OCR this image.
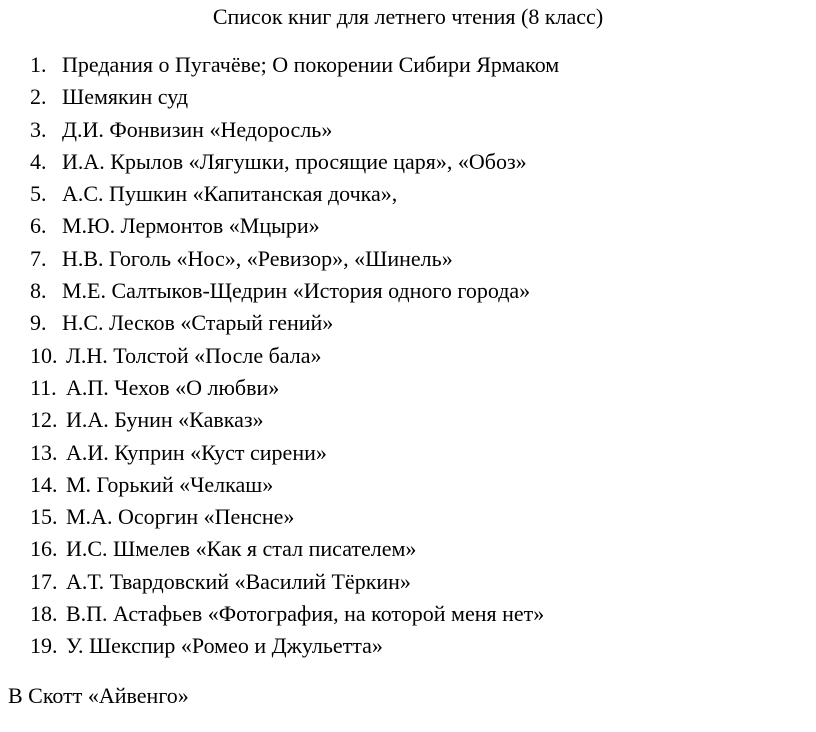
Список книг для летнего чтения (8 класс)
1. Предания о Пугачёве; О покорении Сибири Ярмаком
2. Шемякин суд
3. Д.И. Фонвизин «Недоросль»
4. И.А. Крылов «Лягушки, просящие царя», «Обоз»
5. А.С. Пушкин «Капитанская дочка»,
6. М.Ю. Лермонтов «Мцыри»
7. Н.В. Гоголь «Нос», «Ревизор», «Шинель»
8. М.Е. Салтыков-Щедрин «История одного города»
9. Н.С. Лесков «Старый гений»
10. Л.Н. Толстой «После бала»
11. А.П. Чехов «О любви»
12. И.А. Бунин «Кавказ»
13. А.И. Куприн «Куст сирени»
14. М. Горький «Челкаш»
15. М.А. Осоргин «Пенсне»
16. И.С. Шмелев «Как я стал писателем»
17. А.Т. Твардовский «Василий Тёркин»
18. В.П. Астафьев «Фотография, на которой меня нет»
19. У. Шекспир «Ромео и Джульетта»
В Скотт «Айвенго»
